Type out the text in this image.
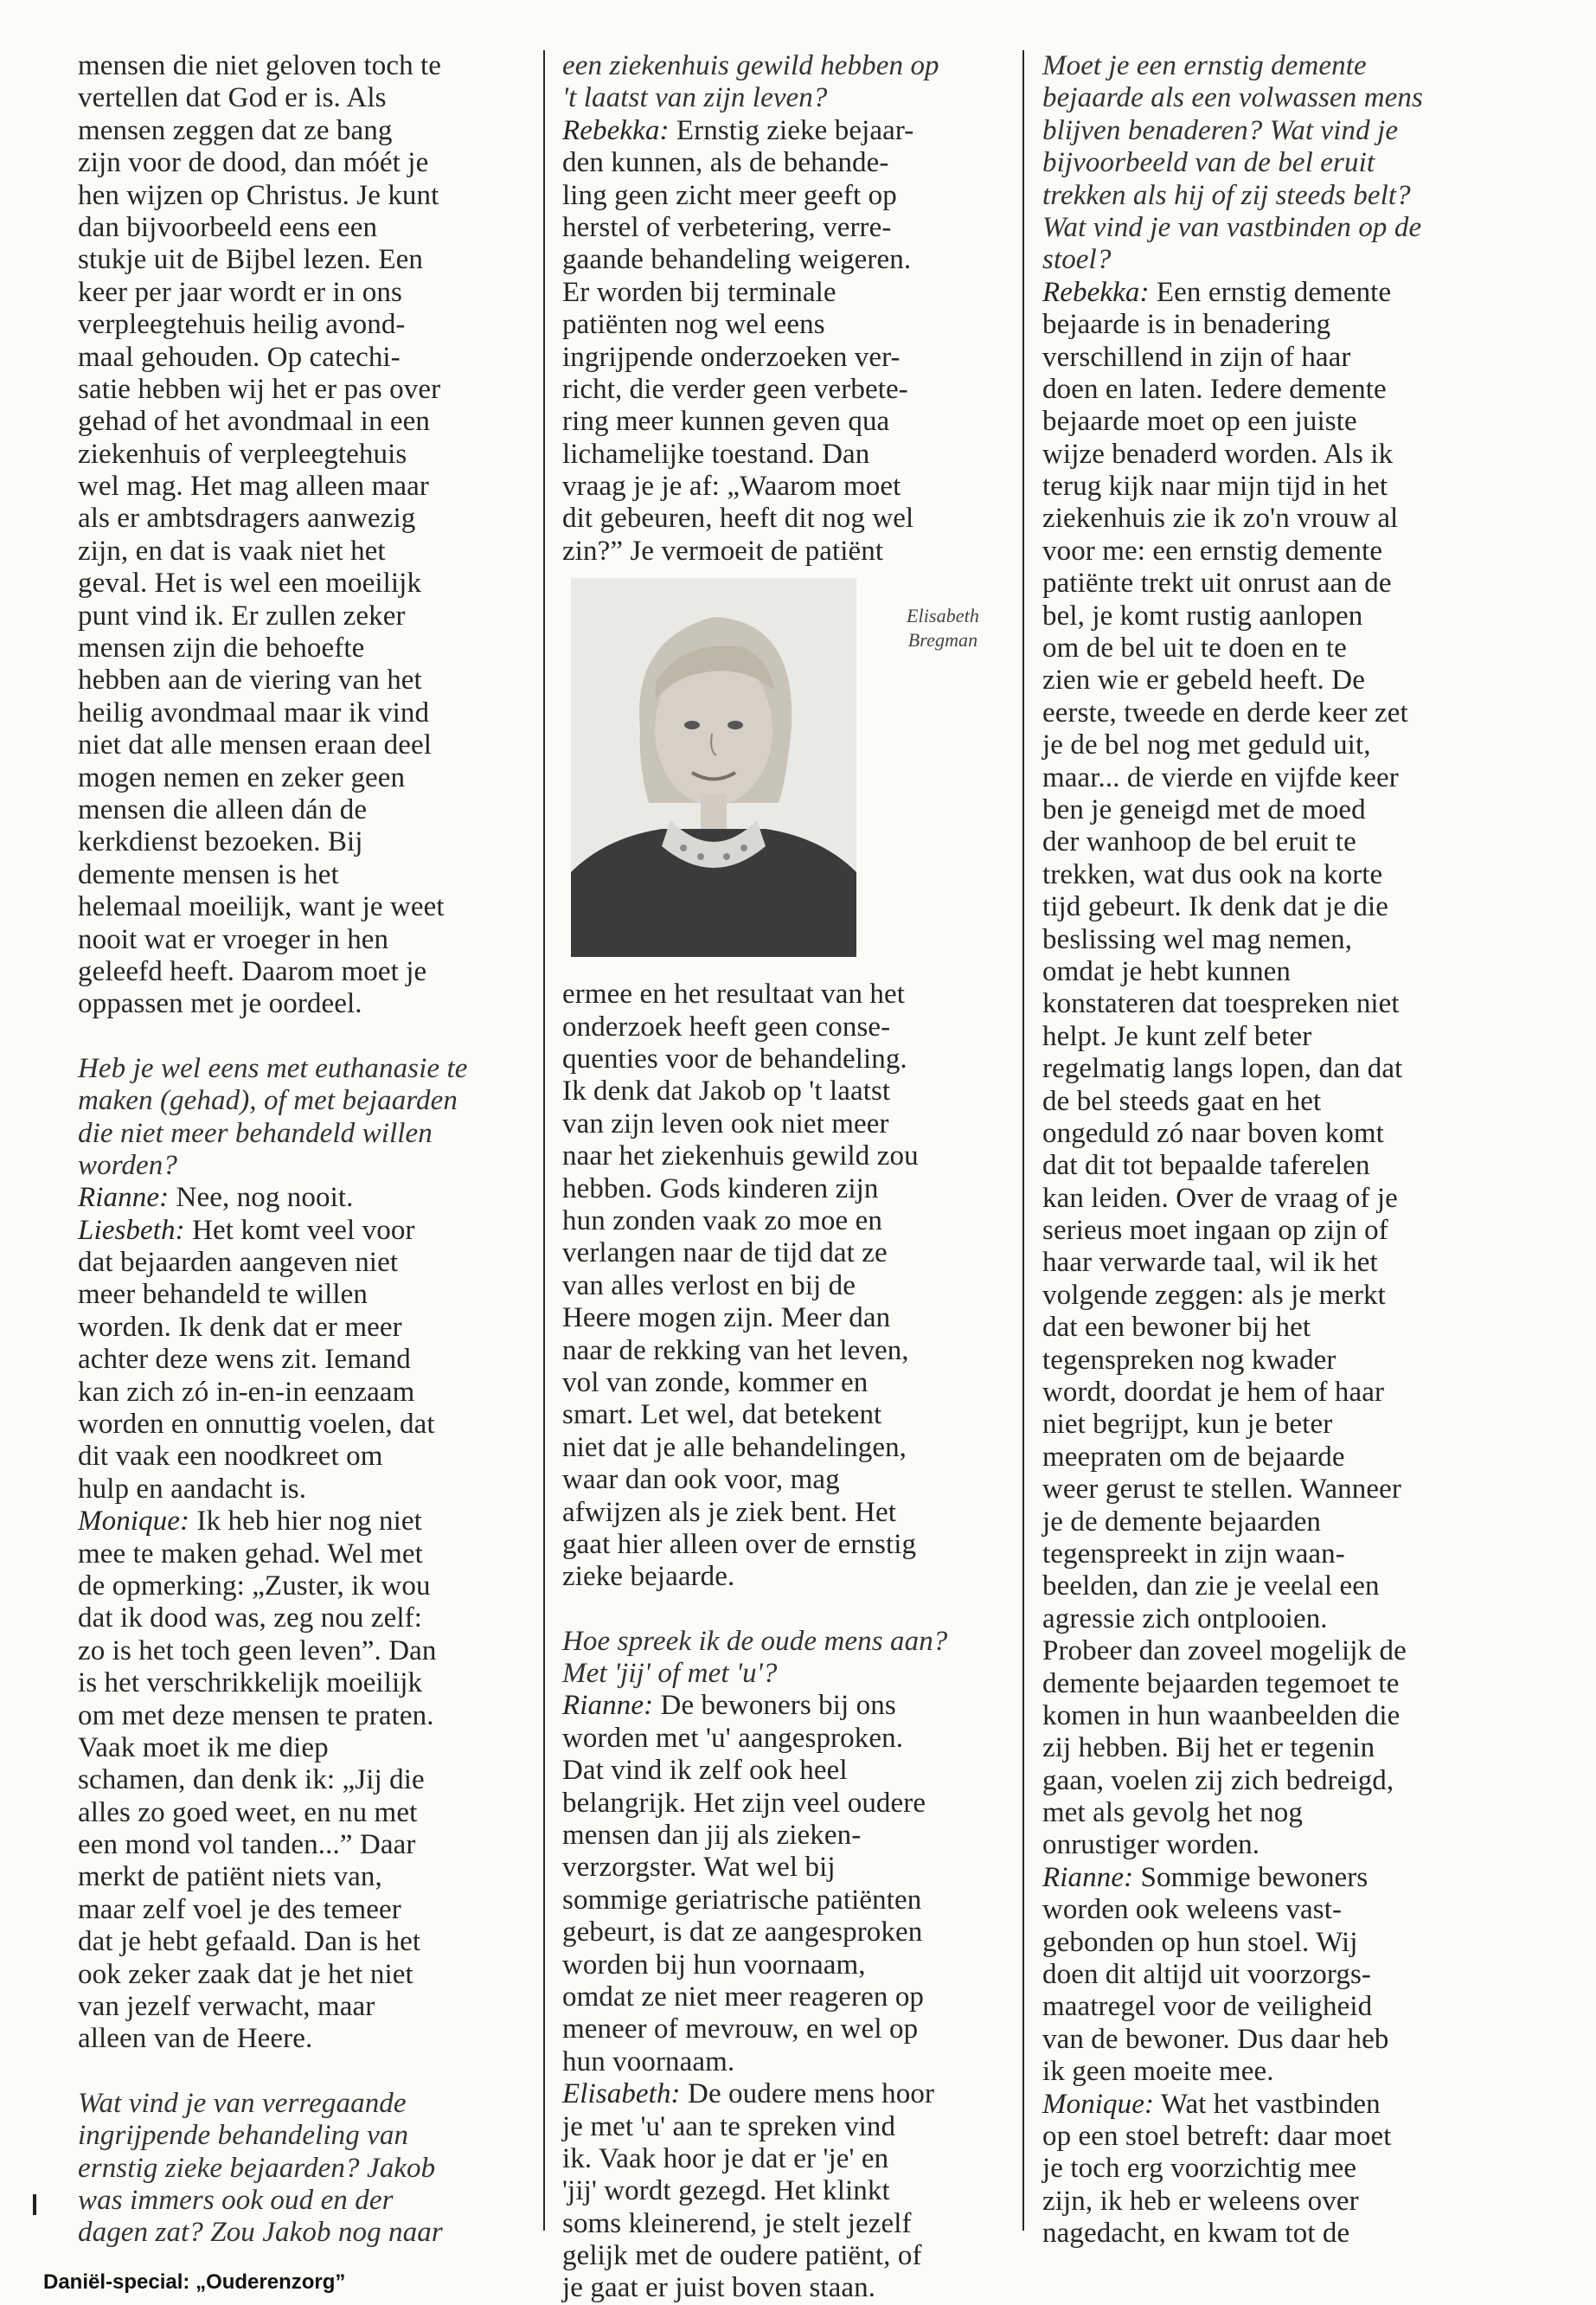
mensen die niet geloven toch te
vertellen dat God er is. Als
mensen zeggen dat ze bang
zijn voor de dood, dan móét je
hen wijzen op Christus. Je kunt
dan bijvoorbeeld eens een
stukje uit de Bijbel lezen. Een
keer per jaar wordt er in ons
verpleegtehuis heilig avond-
maal gehouden. Op catechi-
satie hebben wij het er pas over
gehad of het avondmaal in een
ziekenhuis of verpleegtehuis
wel mag. Het mag alleen maar
als er ambtsdragers aanwezig
zijn, en dat is vaak niet het
geval. Het is wel een moeilijk
punt vind ik. Er zullen zeker
mensen zijn die behoefte
hebben aan de viering van het
heilig avondmaal maar ik vind
niet dat alle mensen eraan deel
mogen nemen en zeker geen
mensen die alleen dán de
kerkdienst bezoeken. Bij
demente mensen is het
helemaal moeilijk, want je weet
nooit wat er vroeger in hen
geleefd heeft. Daarom moet je
oppassen met je oordeel.
Heb je wel eens met euthanasie te
maken (gehad), of met bejaarden
die niet meer behandeld willen
worden?
Rianne: Nee, nog nooit.
Liesbeth: Het komt veel voor
dat bejaarden aangeven niet
meer behandeld te willen
worden. Ik denk dat er meer
achter deze wens zit. Iemand
kan zich zó in-en-in eenzaam
worden en onnuttig voelen, dat
dit vaak een noodkreet om
hulp en aandacht is.
Monique: Ik heb hier nog niet
mee te maken gehad. Wel met
de opmerking: „Zuster, ik wou
dat ik dood was, zeg nou zelf:
zo is het toch geen leven”. Dan
is het verschrikkelijk moeilijk
om met deze mensen te praten.
Vaak moet ik me diep
schamen, dan denk ik: „Jij die
alles zo goed weet, en nu met
een mond vol tanden...” Daar
merkt de patiënt niets van,
maar zelf voel je des temeer
dat je hebt gefaald. Dan is het
ook zeker zaak dat je het niet
van jezelf verwacht, maar
alleen van de Heere.
Wat vind je van verregaande
ingrijpende behandeling van
ernstig zieke bejaarden? Jakob
was immers ook oud en der
dagen zat? Zou Jakob nog naar
een ziekenhuis gewild hebben op
't laatst van zijn leven?
Rebekka: Ernstig zieke bejaar-
den kunnen, als de behande-
ling geen zicht meer geeft op
herstel of verbetering, verre-
gaande behandeling weigeren.
Er worden bij terminale
patiënten nog wel eens
ingrijpende onderzoeken ver-
richt, die verder geen verbete-
ring meer kunnen geven qua
lichamelijke toestand. Dan
vraag je je af: „Waarom moet
dit gebeuren, heeft dit nog wel
zin?” Je vermoeit de patiënt
Elisabeth
Bregman
ermee en het resultaat van het
onderzoek heeft geen conse-
quenties voor de behandeling.
Ik denk dat Jakob op 't laatst
van zijn leven ook niet meer
naar het ziekenhuis gewild zou
hebben. Gods kinderen zijn
hun zonden vaak zo moe en
verlangen naar de tijd dat ze
van alles verlost en bij de
Heere mogen zijn. Meer dan
naar de rekking van het leven,
vol van zonde, kommer en
smart. Let wel, dat betekent
niet dat je alle behandelingen,
waar dan ook voor, mag
afwijzen als je ziek bent. Het
gaat hier alleen over de ernstig
zieke bejaarde.
Hoe spreek ik de oude mens aan?
Met 'jij' of met 'u'?
Rianne: De bewoners bij ons
worden met 'u' aangesproken.
Dat vind ik zelf ook heel
belangrijk. Het zijn veel oudere
mensen dan jij als zieken-
verzorgster. Wat wel bij
sommige geriatrische patiënten
gebeurt, is dat ze aangesproken
worden bij hun voornaam,
omdat ze niet meer reageren op
meneer of mevrouw, en wel op
hun voornaam.
Elisabeth: De oudere mens hoor
je met 'u' aan te spreken vind
ik. Vaak hoor je dat er 'je' en
'jij' wordt gezegd. Het klinkt
soms kleinerend, je stelt jezelf
gelijk met de oudere patiënt, of
je gaat er juist boven staan.
Moet je een ernstig demente
bejaarde als een volwassen mens
blijven benaderen? Wat vind je
bijvoorbeeld van de bel eruit
trekken als hij of zij steeds belt?
Wat vind je van vastbinden op de
stoel?
Rebekka: Een ernstig demente
bejaarde is in benadering
verschillend in zijn of haar
doen en laten. Iedere demente
bejaarde moet op een juiste
wijze benaderd worden. Als ik
terug kijk naar mijn tijd in het
ziekenhuis zie ik zo'n vrouw al
voor me: een ernstig demente
patiënte trekt uit onrust aan de
bel, je komt rustig aanlopen
om de bel uit te doen en te
zien wie er gebeld heeft. De
eerste, tweede en derde keer zet
je de bel nog met geduld uit,
maar... de vierde en vijfde keer
ben je geneigd met de moed
der wanhoop de bel eruit te
trekken, wat dus ook na korte
tijd gebeurt. Ik denk dat je die
beslissing wel mag nemen,
omdat je hebt kunnen
konstateren dat toespreken niet
helpt. Je kunt zelf beter
regelmatig langs lopen, dan dat
de bel steeds gaat en het
ongeduld zó naar boven komt
dat dit tot bepaalde taferelen
kan leiden. Over de vraag of je
serieus moet ingaan op zijn of
haar verwarde taal, wil ik het
volgende zeggen: als je merkt
dat een bewoner bij het
tegenspreken nog kwader
wordt, doordat je hem of haar
niet begrijpt, kun je beter
meepraten om de bejaarde
weer gerust te stellen. Wanneer
je de demente bejaarden
tegenspreekt in zijn waan-
beelden, dan zie je veelal een
agressie zich ontplooien.
Probeer dan zoveel mogelijk de
demente bejaarden tegemoet te
komen in hun waanbeelden die
zij hebben. Bij het er tegenin
gaan, voelen zij zich bedreigd,
met als gevolg het nog
onrustiger worden.
Rianne: Sommige bewoners
worden ook weleens vast-
gebonden op hun stoel. Wij
doen dit altijd uit voorzorgs-
maatregel voor de veiligheid
van de bewoner. Dus daar heb
ik geen moeite mee.
Monique: Wat het vastbinden
op een stoel betreft: daar moet
je toch erg voorzichtig mee
zijn, ik heb er weleens over
nagedacht, en kwam tot de
Daniël-special: „Ouderenzorg”
